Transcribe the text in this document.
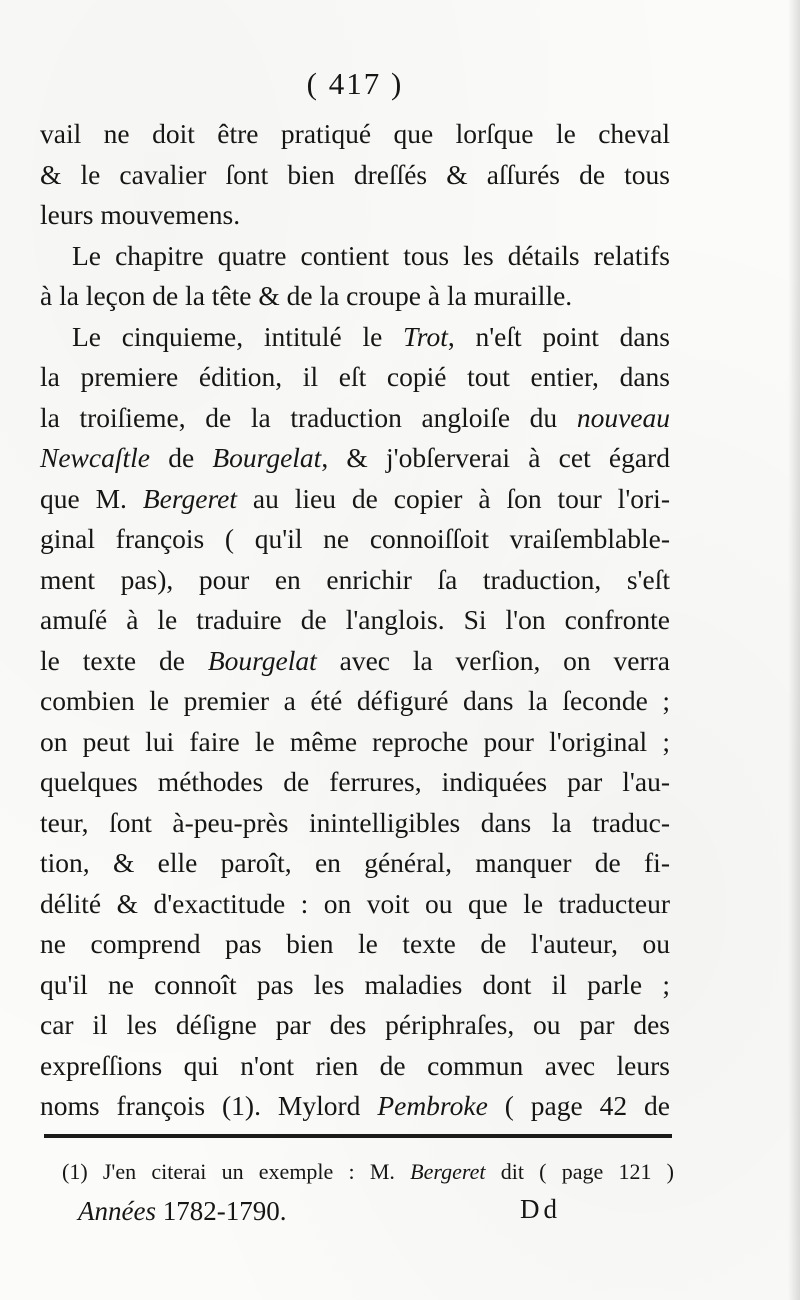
( 417 )
vail ne doit être pratiqué que lorſque le cheval
& le cavalier ſont bien dreſſés & aſſurés de tous
leurs mouvemens.
Le chapitre quatre contient tous les détails relatifs
à la leçon de la tête & de la croupe à la muraille.
Le cinquieme, intitulé le Trot, n'eſt point dans
la premiere édition, il eſt copié tout entier, dans
la troiſieme, de la traduction angloiſe du nouveau
Newcaſtle de Bourgelat, & j'obſerverai à cet égard
que M. Bergeret au lieu de copier à ſon tour l'ori-
ginal françois ( qu'il ne connoiſſoit vraiſemblable-
ment pas), pour en enrichir ſa traduction, s'eſt
amuſé à le traduire de l'anglois. Si l'on confronte
le texte de Bourgelat avec la verſion, on verra
combien le premier a été défiguré dans la ſeconde ;
on peut lui faire le même reproche pour l'original ;
quelques méthodes de ferrures, indiquées par l'au-
teur, ſont à-peu-près inintelligibles dans la traduc-
tion, & elle paroît, en général, manquer de fi-
délité & d'exactitude : on voit ou que le traducteur
ne comprend pas bien le texte de l'auteur, ou
qu'il ne connoît pas les maladies dont il parle ;
car il les déſigne par des périphraſes, ou par des
expreſſions qui n'ont rien de commun avec leurs
noms françois (1). Mylord Pembroke ( page 42 de
(1) J'en citerai un exemple : M. Bergeret dit ( page 121 )
Années 1782-1790.	Dd
